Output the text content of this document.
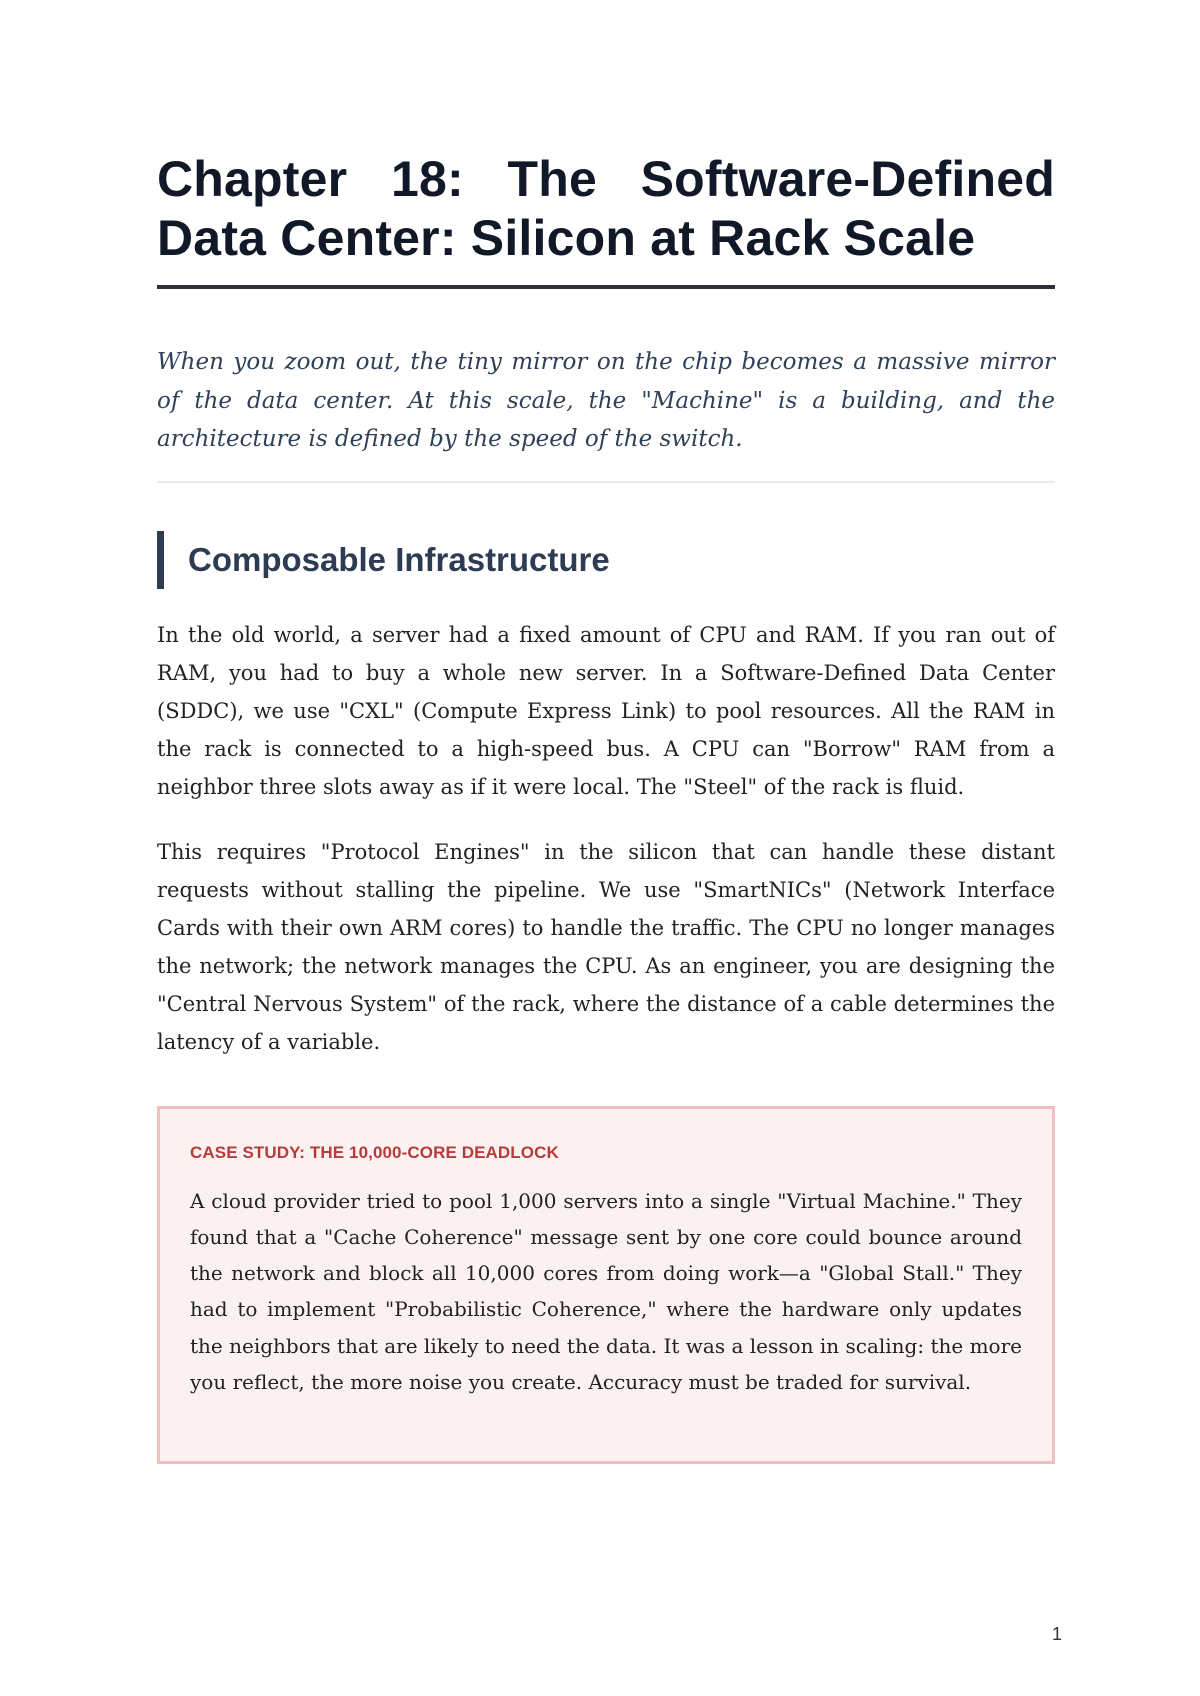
Chapter 18: The Software-Defined Data Center: Silicon at Rack Scale

When you zoom out, the tiny mirror on the chip becomes a massive mirror of the data center. At this scale, the "Machine" is a building, and the architecture is defined by the speed of the switch.

Composable Infrastructure

In the old world, a server had a fixed amount of CPU and RAM. If you ran out of RAM, you had to buy a whole new server. In a Software-Defined Data Center (SDDC), we use "CXL" (Compute Express Link) to pool resources. All the RAM in the rack is connected to a high-speed bus. A CPU can "Borrow" RAM from a neighbor three slots away as if it were local. The "Steel" of the rack is fluid.

This requires "Protocol Engines" in the silicon that can handle these distant requests without stalling the pipeline. We use "SmartNICs" (Network Interface Cards with their own ARM cores) to handle the traffic. The CPU no longer manages the network; the network manages the CPU. As an engineer, you are designing the "Central Nervous System" of the rack, where the distance of a cable determines the latency of a variable.

CASE STUDY: THE 10,000-CORE DEADLOCK

A cloud provider tried to pool 1,000 servers into a single "Virtual Machine." They found that a "Cache Coherence" message sent by one core could bounce around the network and block all 10,000 cores from doing work—a "Global Stall." They had to implement "Probabilistic Coherence," where the hardware only updates the neighbors that are likely to need the data. It was a lesson in scaling: the more you reflect, the more noise you create. Accuracy must be traded for survival.

1
